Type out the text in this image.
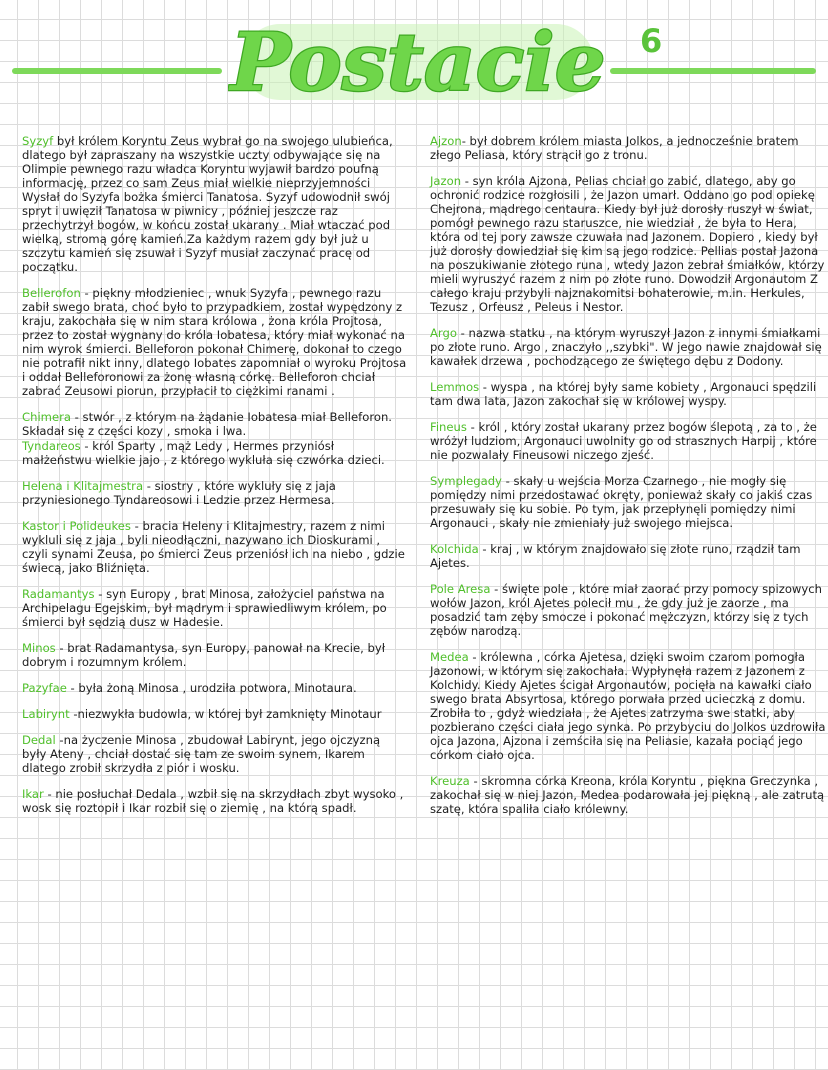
Postacie 6

Syzyf był królem Koryntu Zeus wybrał go na swojego ulubieńca, dlatego był zapraszany na wszystkie uczty odbywające się na Olimpie pewnego razu władca Koryntu wyjawił bardzo poufną informację, przez co sam Zeus miał wielkie nieprzyjemności Wysłał do Syzyfa bożka śmierci Tanatosa. Syzyf udowodnił swój spryt i uwięził Tanatosa w piwnicy , później jeszcze raz przechytrzył bogów, w końcu został ukarany . Miał wtaczać pod wielką, stromą górę kamień.Za każdym razem gdy był już u szczytu kamień się zsuwał i Syzyf musiał zaczynać pracę od początku.

Bellerofon - piękny młodzieniec , wnuk Syzyfa , pewnego razu zabił swego brata, choć było to przypadkiem, został wypędzony z kraju, zakochała się w nim stara królowa , żona króla Projtosa, przez to został wygnany do króla Iobatesa, który miał wykonać na nim wyrok śmierci. Belleforon pokonał Chimerę, dokonał to czego nie potrafił nikt inny, dlatego Iobates zapomniał o wyroku Projtosa i oddał Belleforonowi za żonę własną córkę. Belleforon chciał zabrać Zeusowi piorun, przypłacił to ciężkimi ranami .

Chimera - stwór , z którym na żądanie Iobatesa miał Belleforon. Składał się z części kozy , smoka i lwa.

Tyndareos - król Sparty , mąż Ledy , Hermes przyniósł małżeństwu wielkie jajo , z którego wykluła się czwórka dzieci.

Helena i Klitajmestra - siostry , które wykluły się z jaja przyniesionego Tyndareosowi i Ledzie przez Hermesa.

Kastor i Polideukes - bracia Heleny i Klitajmestry, razem z nimi wykluli się z jaja , byli nieodłączni, nazywano ich Dioskurami , czyli synami Zeusa, po śmierci Zeus przeniósł ich na niebo , gdzie świecą, jako Bliźnięta.

Radamantys - syn Europy , brat Minosa, założyciel państwa na Archipelagu Egejskim, był mądrym i sprawiedliwym królem, po śmierci był sędzią dusz w Hadesie.

Minos - brat Radamantysa, syn Europy, panował na Krecie, był dobrym i rozumnym królem.

Pazyfae - była żoną Minosa , urodziła potwora, Minotaura.

Labirynt -niezwykła budowla, w której był zamknięty Minotaur

Dedal -na życzenie Minosa , zbudował Labirynt, jego ojczyzną były Ateny , chciał dostać się tam ze swoim synem, Ikarem dlatego zrobił skrzydła z piór i wosku.

Ikar - nie posłuchał Dedala , wzbił się na skrzydłach zbyt wysoko , wosk się roztopił i Ikar rozbił się o ziemię , na którą spadł.

Ajzon- był dobrem królem miasta Jolkos, a jednocześnie bratem złego Peliasa, który strącił go z tronu.

Jazon - syn króla Ajzona, Pelias chciał go zabić, dlatego, aby go ochronić rodzice rozgłosili , że Jazon umarł. Oddano go pod opiekę Chejrona, mądrego centaura. Kiedy był już dorosły ruszył w świat, pomógł pewnego razu staruszce, nie wiedział , że była to Hera, która od tej pory zawsze czuwała nad Jazonem. Dopiero , kiedy był już dorosły dowiedział się kim są jego rodzice. Pellias postał Jazona na poszukiwanie złotego runa , wtedy Jazon zebrał śmiałków, którzy mieli wyruszyć razem z nim po złote runo. Dowodził Argonautom Z całego kraju przybyli najznakomitsi bohaterowie, m.in. Herkules, Tezusz , Orfeusz , Peleus i Nestor.

Argo - nazwa statku , na którym wyruszył Jazon z innymi śmiałkami po złote runo. Argo , znaczyło ,,szybki". W jego nawie znajdował się kawałek drzewa , pochodzącego ze świętego dębu z Dodony.

Lemmos - wyspa , na której były same kobiety , Argonauci spędzili tam dwa lata, Jazon zakochał się w królowej wyspy.

Fineus - król , który został ukarany przez bogów ślepotą , za to , że wróżył ludziom, Argonauci uwolnity go od strasznych Harpij , które nie pozwalały Fineusowi niczego zjeść.

Symplegady - skały u wejścia Morza Czarnego , nie mogły się pomiędzy nimi przedostawać okręty, ponieważ skały co jakiś czas przesuwały się ku sobie. Po tym, jak przepłynęli pomiędzy nimi Argonauci , skały nie zmieniały już swojego miejsca.

Kolchida - kraj , w którym znajdowało się złote runo, rządził tam Ajetes.

Pole Aresa - święte pole , które miał zaorać przy pomocy spizowych wołów Jazon, król Ajetes polecił mu , że gdy już je zaorze , ma posadzić tam zęby smocze i pokonać mężczyzn, którzy się z tych zębów narodzą.

Medea - królewna , córka Ajetesa, dzięki swoim czarom pomogła Jazonowi, w którym się zakochała. Wypłynęła razem z Jazonem z Kolchidy. Kiedy Ajetes ścigał Argonautów, pocięła na kawałki ciało swego brata Absyrtosa, którego porwała przed ucieczką z domu. Zrobiła to , gdyż wiedziała , że Ajetes zatrzyma swe statki, aby pozbierano części ciała jego synka. Po przybyciu do Jolkos uzdrowiła ojca Jazona, Ajzona i zemściła się na Peliasie, kazała pociąć jego córkom ciało ojca.

Kreuza - skromna córka Kreona, króla Koryntu , piękna Greczynka , zakochał się w niej Jazon, Medea podarowała jej piękną , ale zatrutą szatę, która spaliła ciało królewny.
